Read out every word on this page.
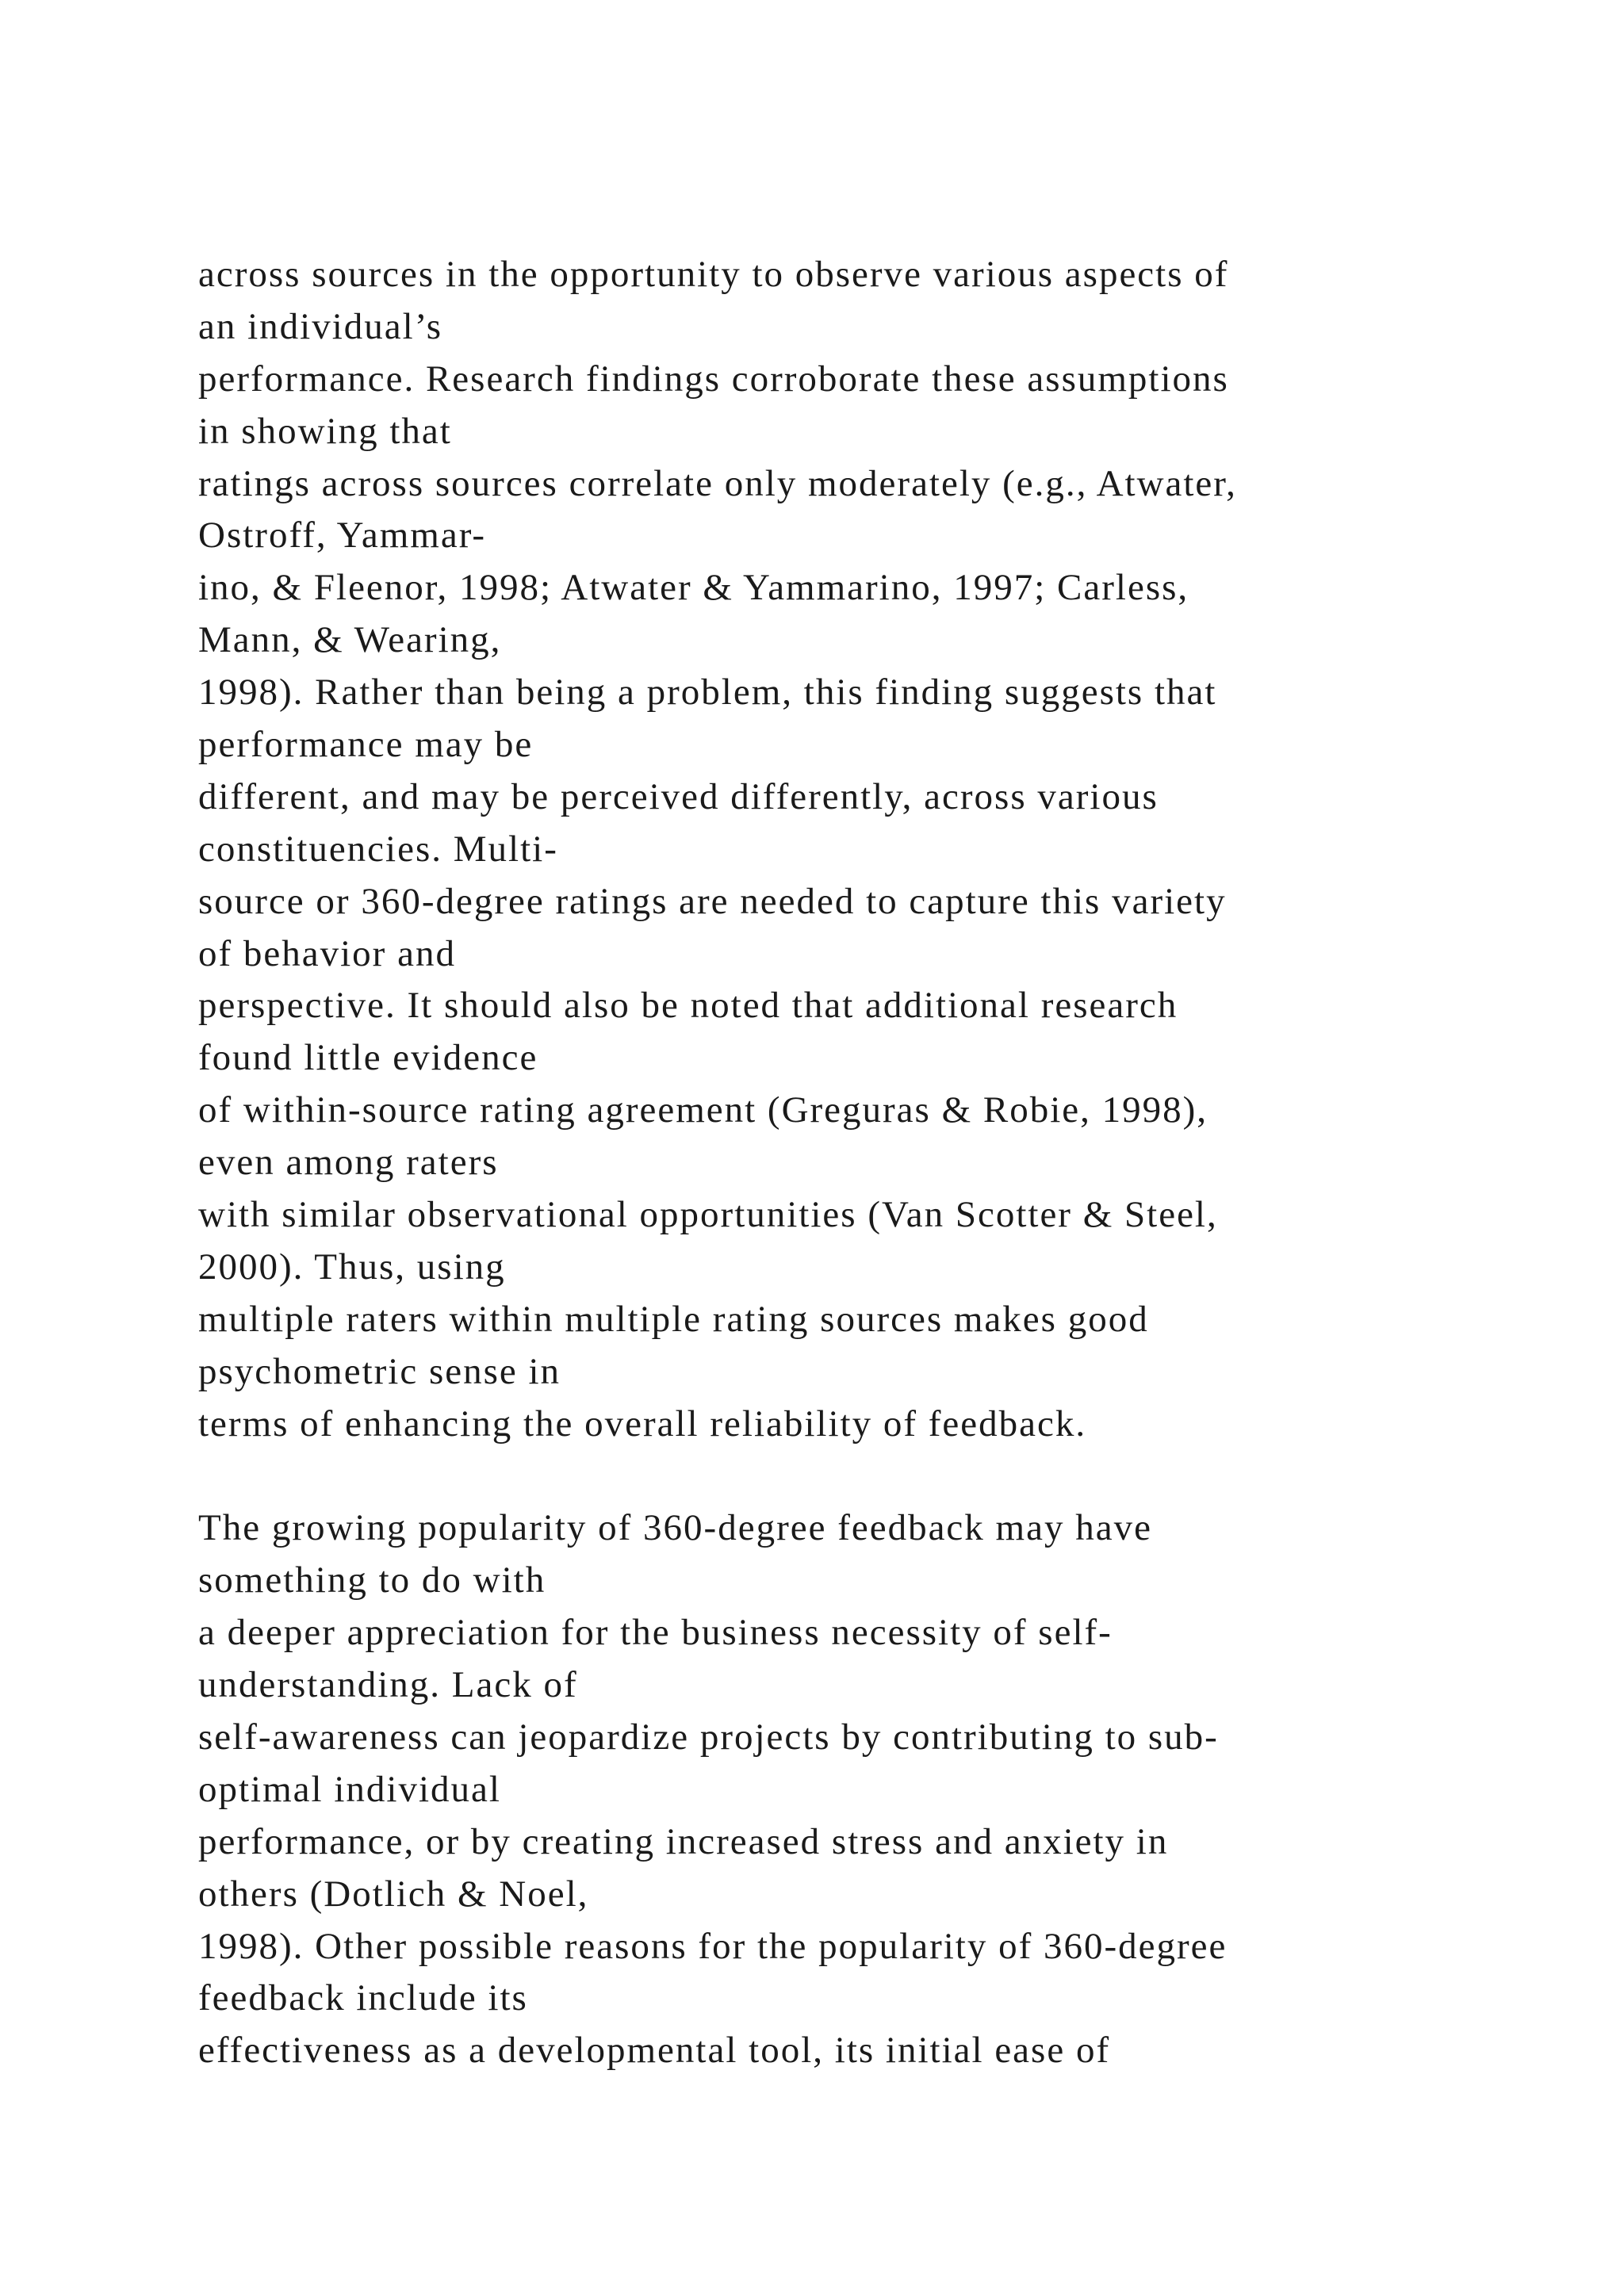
across sources in the opportunity to observe various aspects of
an individual’s
performance. Research findings corroborate these assumptions
in showing that
ratings across sources correlate only moderately (e.g., Atwater,
Ostroff, Yammar-
ino, & Fleenor, 1998; Atwater & Yammarino, 1997; Carless,
Mann, & Wearing,
1998). Rather than being a problem, this finding suggests that
performance may be
different, and may be perceived differently, across various
constituencies. Multi-
source or 360-degree ratings are needed to capture this variety
of behavior and
perspective. It should also be noted that additional research
found little evidence
of within-source rating agreement (Greguras & Robie, 1998),
even among raters
with similar observational opportunities (Van Scotter & Steel,
2000). Thus, using
multiple raters within multiple rating sources makes good
psychometric sense in
terms of enhancing the overall reliability of feedback.
The growing popularity of 360-degree feedback may have
something to do with
a deeper appreciation for the business necessity of self-
understanding. Lack of
self-awareness can jeopardize projects by contributing to sub-
optimal individual
performance, or by creating increased stress and anxiety in
others (Dotlich & Noel,
1998). Other possible reasons for the popularity of 360-degree
feedback include its
effectiveness as a developmental tool, its initial ease of
